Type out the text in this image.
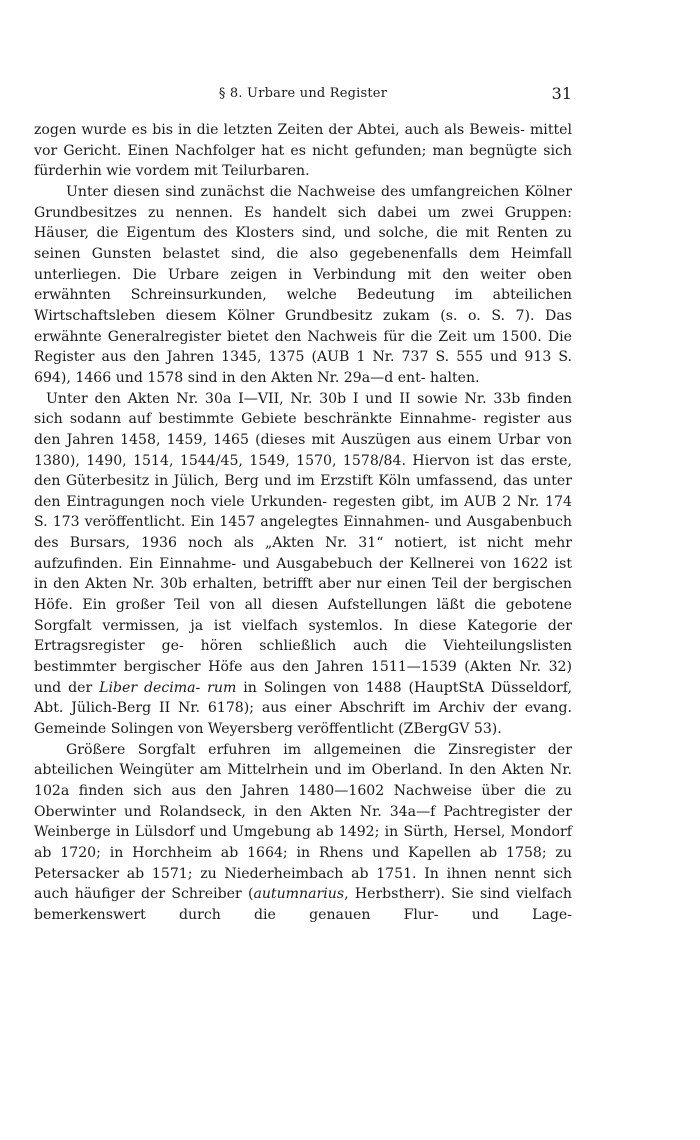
§ 8. Urbare und Register	31

zogen wurde es bis in die letzten Zeiten der Abtei, auch als Beweis- mittel vor Gericht. Einen Nachfolger hat es nicht gefunden; man begnügte sich fürderhin wie vordem mit Teilurbaren.

Unter diesen sind zunächst die Nachweise des umfangreichen Kölner Grundbesitzes zu nennen. Es handelt sich dabei um zwei Gruppen: Häuser, die Eigentum des Klosters sind, und solche, die mit Renten zu seinen Gunsten belastet sind, die also gegebenenfalls dem Heimfall unterliegen. Die Urbare zeigen in Verbindung mit den weiter oben erwähnten Schreinsurkunden, welche Bedeutung im abteilichen Wirtschaftsleben diesem Kölner Grundbesitz zukam (s. o. S. 7). Das erwähnte Generalregister bietet den Nachweis für die Zeit um 1500. Die Register aus den Jahren 1345, 1375 (AUB 1 Nr. 737 S. 555 und 913 S. 694), 1466 und 1578 sind in den Akten Nr. 29a—d ent- halten.

Unter den Akten Nr. 30a I—VII, Nr. 30b I und II sowie Nr. 33b finden sich sodann auf bestimmte Gebiete beschränkte Einnahme- register aus den Jahren 1458, 1459, 1465 (dieses mit Auszügen aus einem Urbar von 1380), 1490, 1514, 1544/45, 1549, 1570, 1578/84. Hiervon ist das erste, den Güterbesitz in Jülich, Berg und im Erzstift Köln umfassend, das unter den Eintragungen noch viele Urkunden- regesten gibt, im AUB 2 Nr. 174 S. 173 veröffentlicht. Ein 1457 angelegtes Einnahmen- und Ausgabenbuch des Bursars, 1936 noch als „Akten Nr. 31“ notiert, ist nicht mehr aufzufinden. Ein Einnahme- und Ausgabebuch der Kellnerei von 1622 ist in den Akten Nr. 30b erhalten, betrifft aber nur einen Teil der bergischen Höfe. Ein großer Teil von all diesen Aufstellungen läßt die gebotene Sorgfalt vermissen, ja ist vielfach systemlos. In diese Kategorie der Ertragsregister ge- hören schließlich auch die Viehteilungslisten bestimmter bergischer Höfe aus den Jahren 1511—1539 (Akten Nr. 32) und der Liber decima- rum in Solingen von 1488 (HauptStA Düsseldorf, Abt. Jülich-Berg II Nr. 6178); aus einer Abschrift im Archiv der evang. Gemeinde Solingen von Weyersberg veröffentlicht (ZBergGV 53).

Größere Sorgfalt erfuhren im allgemeinen die Zinsregister der abteilichen Weingüter am Mittelrhein und im Oberland. In den Akten Nr. 102a finden sich aus den Jahren 1480—1602 Nachweise über die zu Oberwinter und Rolandseck, in den Akten Nr. 34a—f Pachtregister der Weinberge in Lülsdorf und Umgebung ab 1492; in Sürth, Hersel, Mondorf ab 1720; in Horchheim ab 1664; in Rhens und Kapellen ab 1758; zu Petersacker ab 1571; zu Niederheimbach ab 1751. In ihnen nennt sich auch häufiger der Schreiber (autumnarius, Herbstherr). Sie sind vielfach bemerkenswert durch die genauen Flur- und Lage-
